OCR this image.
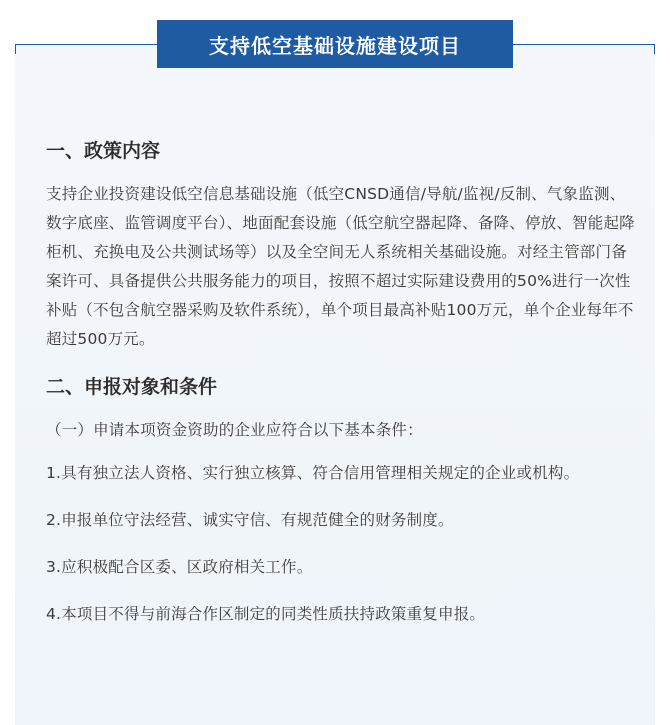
支持低空基础设施建设项目
一、政策内容

支持企业投资建设低空信息基础设施（低空CNSD通信/导航/监视/反制、气象监测、数字底座、监管调度平台）、地面配套设施（低空航空器起降、备降、停放、智能起降柜机、充换电及公共测试场等）以及全空间无人系统相关基础设施。对经主管部门备案许可、具备提供公共服务能力的项目，按照不超过实际建设费用的50%进行一次性补贴（不包含航空器采购及软件系统），单个项目最高补贴100万元，单个企业每年不超过500万元。

二、申报对象和条件

（一）申请本项资金资助的企业应符合以下基本条件：

1.具有独立法人资格、实行独立核算、符合信用管理相关规定的企业或机构。

2.申报单位守法经营、诚实守信、有规范健全的财务制度。

3.应积极配合区委、区政府相关工作。

4.本项目不得与前海合作区制定的同类性质扶持政策重复申报。
